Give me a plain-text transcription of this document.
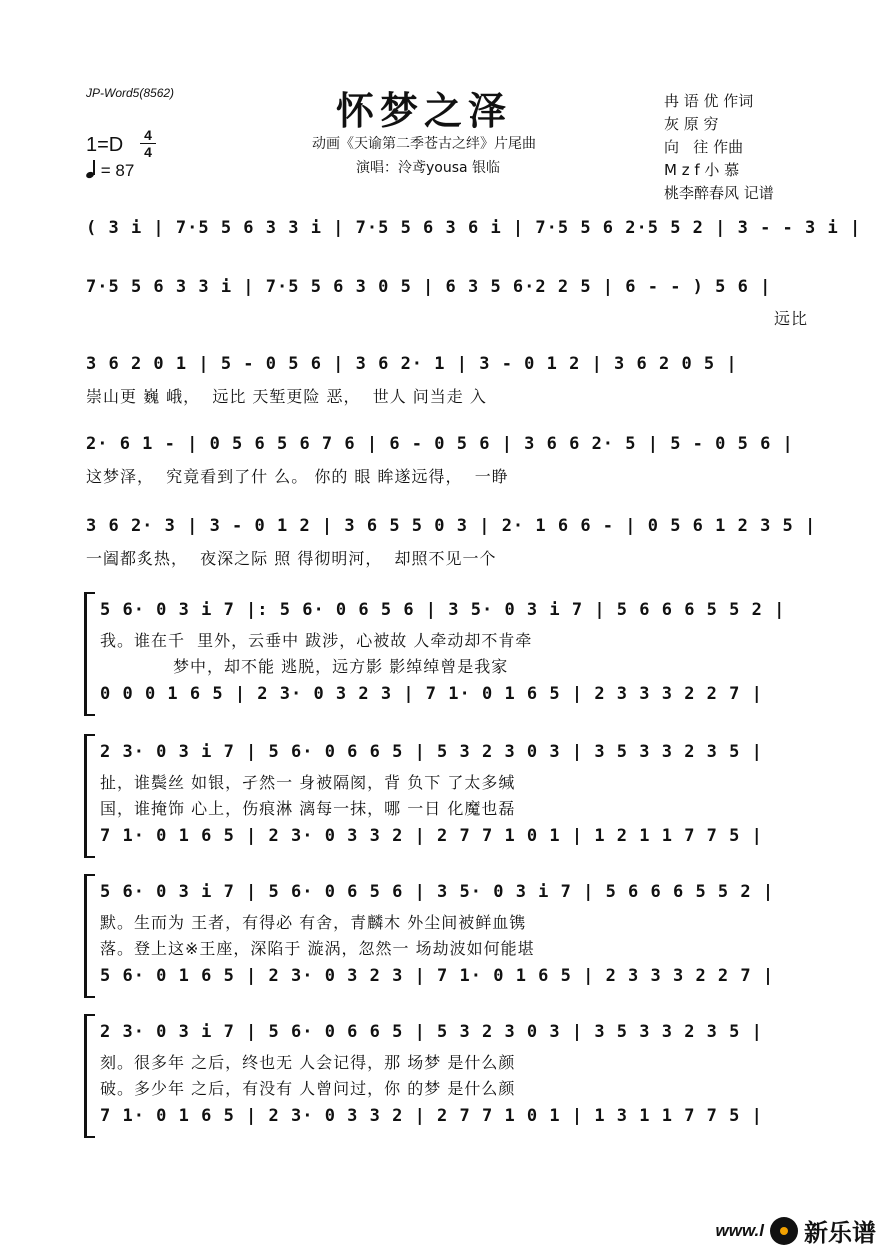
JP-Word5(8562)	怀梦之泽
动画《天谕第二季苍古之绊》片尾曲
演唱：泠鸢yousa 银临
1=D 4
4
= 87
冉 语 优 作词
灰 原 穷
向   往 作曲
M z f 小 慕
桃李醉春风 记谱
( 3 i | 7·5 5 6 3 3 i | 7·5 5 6 3 6 i | 7·5 5 6 2·5 5 2 | 3 - - 3 i |
7·5 5 6 3 3 i | 7·5 5 6 3 0 5 | 6 3 5 6·2 2 5 | 6 - - ) 5 6 |
远比
3 6 2 0 1 | 5 - 0 5 6 | 3 6 2· 1 | 3 - 0 1 2 | 3 6 2 0 5 |
崇山更 巍 峨，  远比 天堑更险 恶，  世人 问当走 入
2· 6 1 - | 0 5 6 5 6 7 6 | 6 - 0 5 6 | 3 6 6 2· 5 | 5 - 0 5 6 |
这梦泽，  究竟看到了什 么。 你的 眼 眸遂远得，  一睁
3 6 2· 3 | 3 - 0 1 2 | 3 6 5 5 0 3 | 2· 1 6 6 - | 0 5 6 1 2 3 5 |
一阖都炙热，  夜深之际 照 得彻明河，  却照不见一个
5 6· 0 3 i 7 |: 5 6· 0 6 5 6 | 3 5· 0 3 i 7 | 5 6 6 6 5 5 2 |
我。谁在千  里外，云垂中 跋涉，心被故 人牵动却不肯牵
梦中，却不能 逃脱，远方影 影绰绰曾是我家
0 0 0 1 6 5 | 2 3· 0 3 2 3 | 7 1· 0 1 6 5 | 2 3 3 3 2 2 7 |
2 3· 0 3 i 7 | 5 6· 0 6 6 5 | 5 3 2 3 0 3 | 3 5 3 3 2 3 5 |
扯，谁鬓丝 如银，孑然一 身被隔阂，背 负下 了太多缄
国，谁掩饰 心上，伤痕淋 漓每一抹，哪 一日 化魔也磊
7 1· 0 1 6 5 | 2 3· 0 3 3 2 | 2 7 7 1 0 1 | 1 2 1 1 7 7 5 |
5 6· 0 3 i 7 | 5 6· 0 6 5 6 | 3 5· 0 3 i 7 | 5 6 6 6 5 5 2 |
默。生而为 王者，有得必 有舍，青麟木 外尘间被鲜血镌
落。登上这※王座，深陷于 漩涡，忽然一 场劫波如何能堪
5 6· 0 1 6 5 | 2 3· 0 3 2 3 | 7 1· 0 1 6 5 | 2 3 3 3 2 2 7 |
2 3· 0 3 i 7 | 5 6· 0 6 6 5 | 5 3 2 3 0 3 | 3 5 3 3 2 3 5 |
刻。很多年 之后，终也无 人会记得，那 场梦 是什么颜
破。多少年 之后，有没有 人曾问过，你 的梦 是什么颜
7 1· 0 1 6 5 | 2 3· 0 3 3 2 | 2 7 7 1 0 1 | 1 3 1 1 7 7 5 |
www.l 新乐谱
